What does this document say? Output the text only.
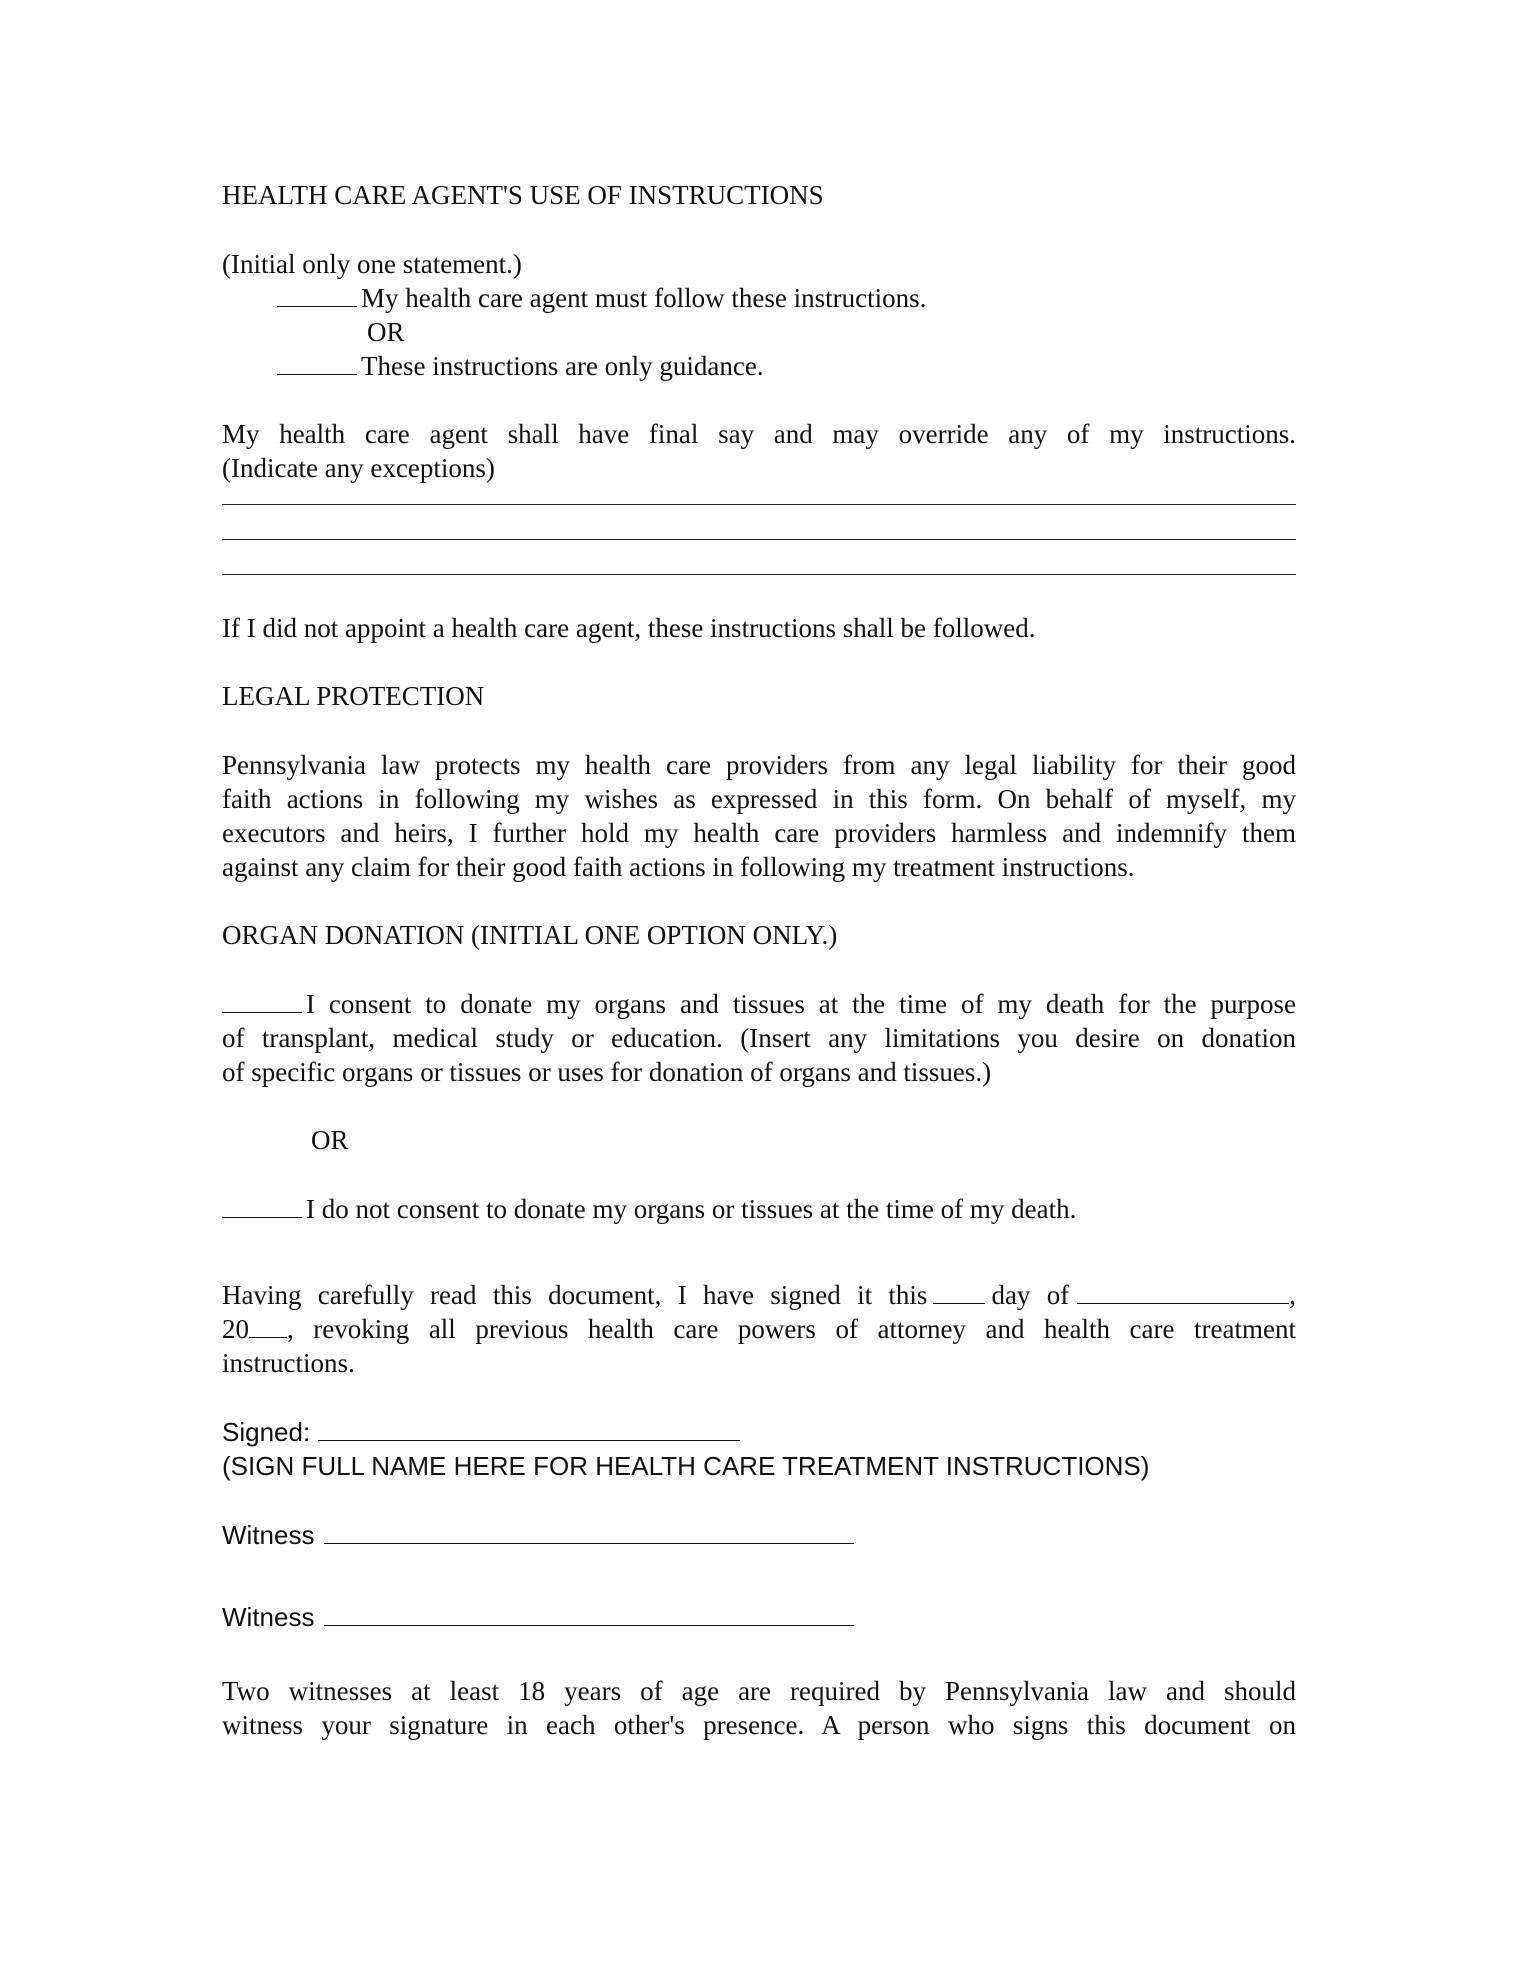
HEALTH CARE AGENT'S USE OF INSTRUCTIONS

(Initial only one statement.)

My health care agent must follow these instructions.

OR

These instructions are only guidance.

My health care agent shall have final say and may override any of my instructions.

(Indicate any exceptions)

If I did not appoint a health care agent, these instructions shall be followed.

LEGAL PROTECTION

Pennsylvania law protects my health care providers from any legal liability for their good

faith actions in following my wishes as expressed in this form. On behalf of myself, my

executors and heirs, I further hold my health care providers harmless and indemnify them

against any claim for their good faith actions in following my treatment instructions.

ORGAN DONATION (INITIAL ONE OPTION ONLY.)

I consent to donate my organs and tissues at the time of my death for the purpose

of transplant, medical study or education. (Insert any limitations you desire on donation

of specific organs or tissues or uses for donation of organs and tissues.)

OR

I do not consent to donate my organs or tissues at the time of my death.

Having carefully read this document, I have signed it this day of	,

20 , revoking all previous health care powers of attorney and health care treatment

instructions.

Signed:

(SIGN FULL NAME HERE FOR HEALTH CARE TREATMENT INSTRUCTIONS)

Witness

Witness

Two witnesses at least 18 years of age are required by Pennsylvania law and should

witness your signature in each other's presence. A person who signs this document on
